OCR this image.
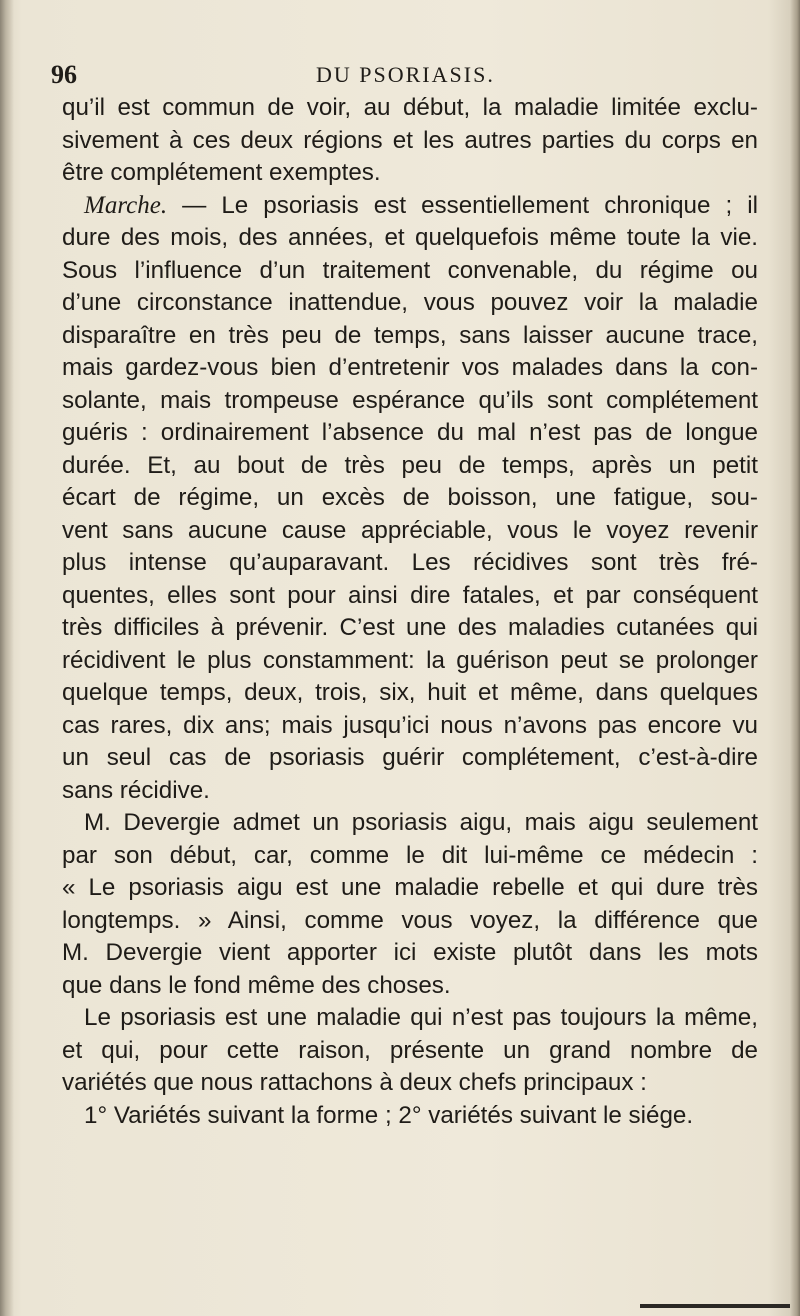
96	DU PSORIASIS.
qu’il est commun de voir, au début, la maladie limitée exclu-
sivement à ces deux régions et les autres parties du corps en
être complétement exemptes.
Marche. — Le psoriasis est essentiellement chronique ; il
dure des mois, des années, et quelquefois même toute la vie.
Sous l’influence d’un traitement convenable, du régime ou
d’une circonstance inattendue, vous pouvez voir la maladie
disparaître en très peu de temps, sans laisser aucune trace,
mais gardez-vous bien d’entretenir vos malades dans la con-
solante, mais trompeuse espérance qu’ils sont complétement
guéris : ordinairement l’absence du mal n’est pas de longue
durée. Et, au bout de très peu de temps, après un petit
écart de régime, un excès de boisson, une fatigue, sou-
vent sans aucune cause appréciable, vous le voyez revenir
plus intense qu’auparavant. Les récidives sont très fré-
quentes, elles sont pour ainsi dire fatales, et par conséquent
très difficiles à prévenir. C’est une des maladies cutanées qui
récidivent le plus constamment: la guérison peut se prolonger
quelque temps, deux, trois, six, huit et même, dans quelques
cas rares, dix ans; mais jusqu’ici nous n’avons pas encore vu
un seul cas de psoriasis guérir complétement, c’est-à-dire
sans récidive.
M. Devergie admet un psoriasis aigu, mais aigu seulement
par son début, car, comme le dit lui-même ce médecin :
« Le psoriasis aigu est une maladie rebelle et qui dure très
longtemps. » Ainsi, comme vous voyez, la différence que
M. Devergie vient apporter ici existe plutôt dans les mots
que dans le fond même des choses.
Le psoriasis est une maladie qui n’est pas toujours la même,
et qui, pour cette raison, présente un grand nombre de
variétés que nous rattachons à deux chefs principaux :
1° Variétés suivant la forme ; 2° variétés suivant le siége.
